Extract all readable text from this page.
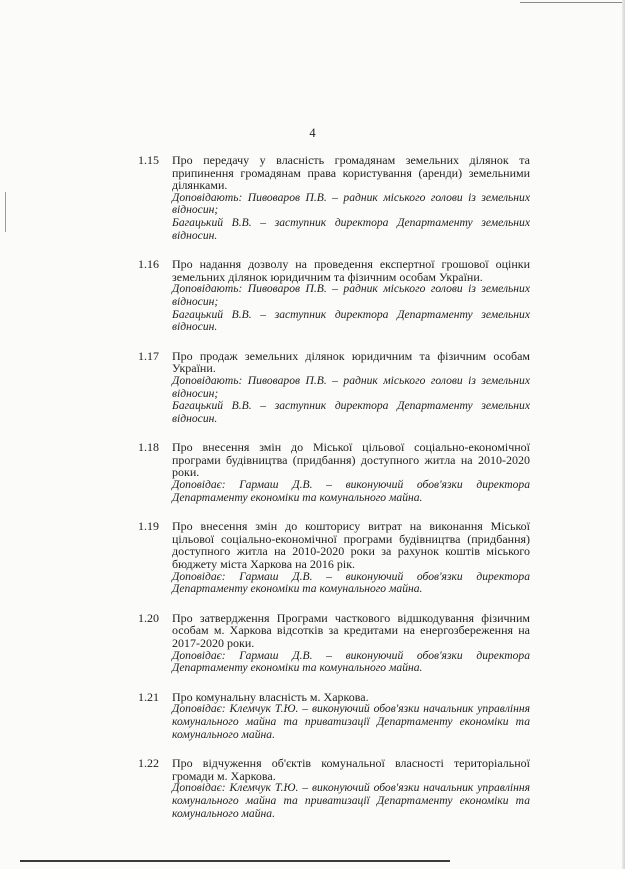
4
1.15	Про передачу у власність громадянам земельних ділянок та припинення громадянам права користування (аренди) земельними ділянками.
Доповідають: Пивоваров П.В. – радник міського голови із земельних відносин;
Багацький В.В. – заступник директора Департаменту земельних відносин.
1.16	Про надання дозволу на проведення експертної грошової оцінки земельних ділянок юридичним та фізичним особам України.
Доповідають: Пивоваров П.В. – радник міського голови із земельних відносин;
Багацький В.В. – заступник директора Департаменту земельних відносин.
1.17	Про продаж земельних ділянок юридичним та фізичним особам України.
Доповідають: Пивоваров П.В. – радник міського голови із земельних відносин;
Багацький В.В. – заступник директора Департаменту земельних відносин.
1.18	Про внесення змін до Міської цільової соціально-економічної програми будівництва (придбання) доступного житла на 2010-2020 роки.
Доповідає: Гармаш Д.В. – виконуючий обов'язки директора Департаменту економіки та комунального майна.
1.19	Про внесення змін до кошторису витрат на виконання Міської цільової соціально-економічної програми будівництва (придбання) доступного житла на 2010-2020 роки за рахунок коштів міського бюджету міста Харкова на 2016 рік.
Доповідає: Гармаш Д.В. – виконуючий обов'язки директора Департаменту економіки та комунального майна.
1.20	Про затвердження Програми часткового відшкодування фізичним особам м. Харкова відсотків за кредитами на енергозбереження на 2017-2020 роки.
Доповідає: Гармаш Д.В. – виконуючий обов'язки директора Департаменту економіки та комунального майна.
1.21	Про комунальну власність м. Харкова.
Доповідає: Клемчук Т.Ю. – виконуючий обов'язки начальник управління комунального майна та приватизації Департаменту економіки та комунального майна.
1.22	Про відчуження об'єктів комунальної власності територіальної громади м. Харкова.
Доповідає: Клемчук Т.Ю. – виконуючий обов'язки начальник управління комунального майна та приватизації Департаменту економіки та комунального майна.
